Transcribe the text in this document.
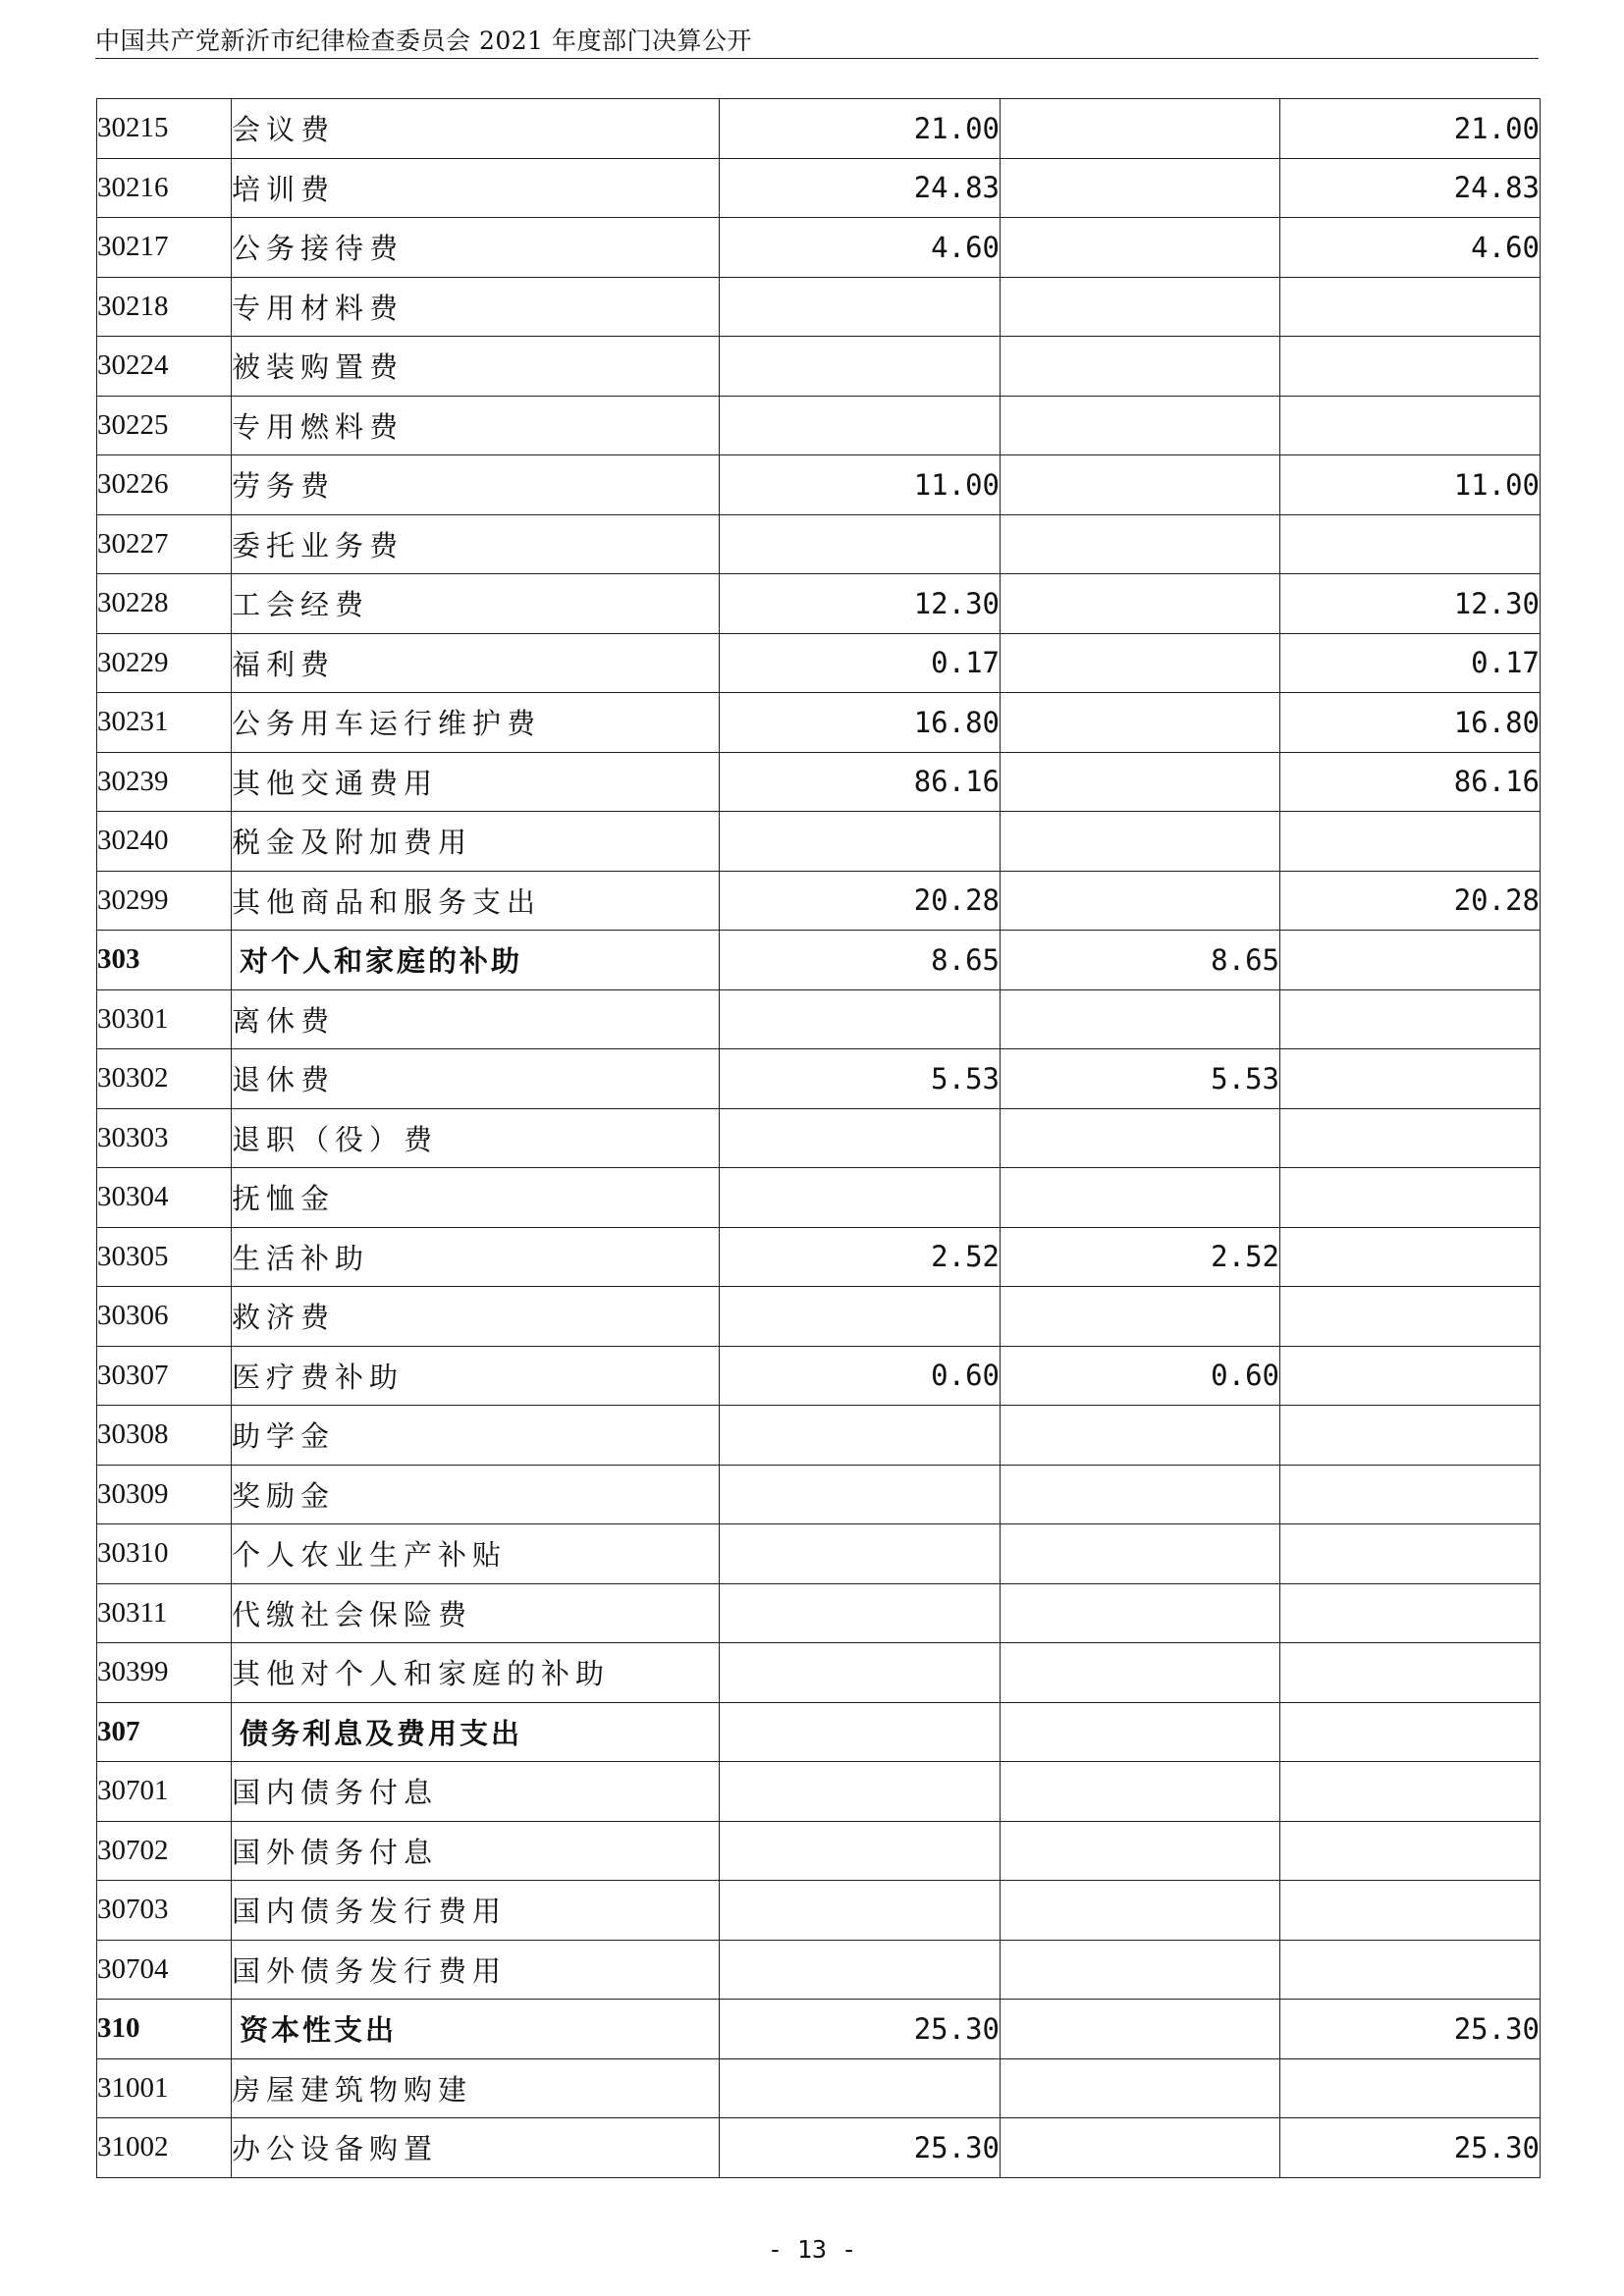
中国共产党新沂市纪律检查委员会 2021 年度部门决算公开
30215	会议费	21.00		21.00
30216	培训费	24.83		24.83
30217	公务接待费	4.60		4.60
30218	专用材料费			
30224	被装购置费			
30225	专用燃料费			
30226	劳务费	11.00		11.00
30227	委托业务费			
30228	工会经费	12.30		12.30
30229	福利费	0.17		0.17
30231	公务用车运行维护费	16.80		16.80
30239	其他交通费用	86.16		86.16
30240	税金及附加费用			
30299	其他商品和服务支出	20.28		20.28
303	对个人和家庭的补助	8.65	8.65	
30301	离休费			
30302	退休费	5.53	5.53	
30303	退职（役）费			
30304	抚恤金			
30305	生活补助	2.52	2.52	
30306	救济费			
30307	医疗费补助	0.60	0.60	
30308	助学金			
30309	奖励金			
30310	个人农业生产补贴			
30311	代缴社会保险费			
30399	其他对个人和家庭的补助			
307	债务利息及费用支出			
30701	国内债务付息			
30702	国外债务付息			
30703	国内债务发行费用			
30704	国外债务发行费用			
310	资本性支出	25.30		25.30
31001	房屋建筑物购建			
31002	办公设备购置	25.30		25.30
- 13 -
